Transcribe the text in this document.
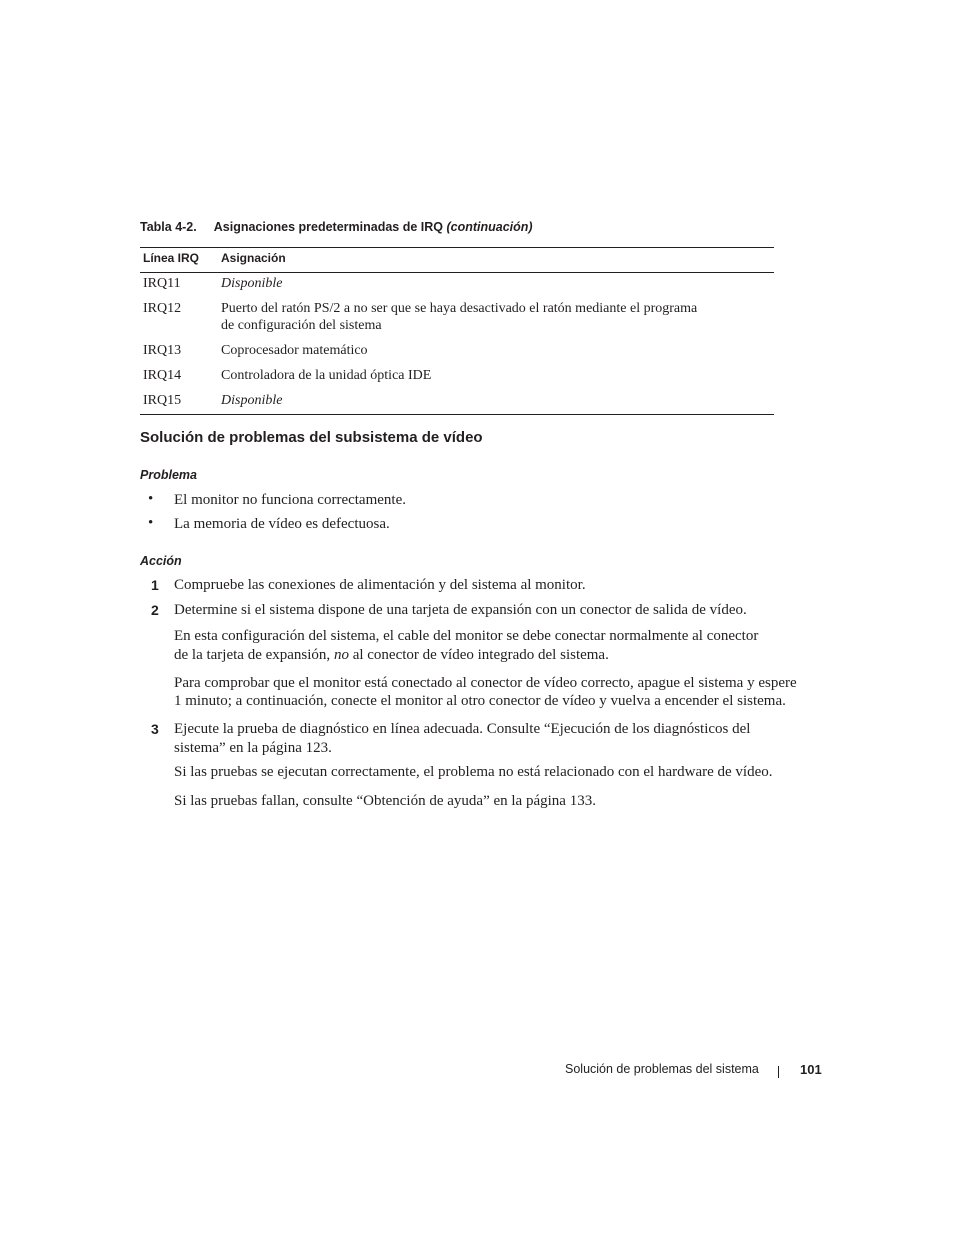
Tabla 4-2. Asignaciones predeterminadas de IRQ (continuación)
Línea IRQ Asignación
IRQ11	Disponible
IRQ12	Puerto del ratón PS/2 a no ser que se haya desactivado el ratón mediante el programa
de configuración del sistema
IRQ13	Coprocesador matemático
IRQ14	Controladora de la unidad óptica IDE
IRQ15	Disponible
Solución de problemas del subsistema de vídeo
Problema
• El monitor no funciona correctamente.
• La memoria de vídeo es defectuosa.
Acción
1 Compruebe las conexiones de alimentación y del sistema al monitor.
2 Determine si el sistema dispone de una tarjeta de expansión con un conector de salida de vídeo.
En esta configuración del sistema, el cable del monitor se debe conectar normalmente al conector
de la tarjeta de expansión, no al conector de vídeo integrado del sistema.
Para comprobar que el monitor está conectado al conector de vídeo correcto, apague el sistema y espere
1 minuto; a continuación, conecte el monitor al otro conector de vídeo y vuelva a encender el sistema.
3 Ejecute la prueba de diagnóstico en línea adecuada. Consulte “Ejecución de los diagnósticos del
sistema” en la página 123.
Si las pruebas se ejecutan correctamente, el problema no está relacionado con el hardware de vídeo.
Si las pruebas fallan, consulte “Obtención de ayuda” en la página 133.
Solución de problemas del sistema	101
